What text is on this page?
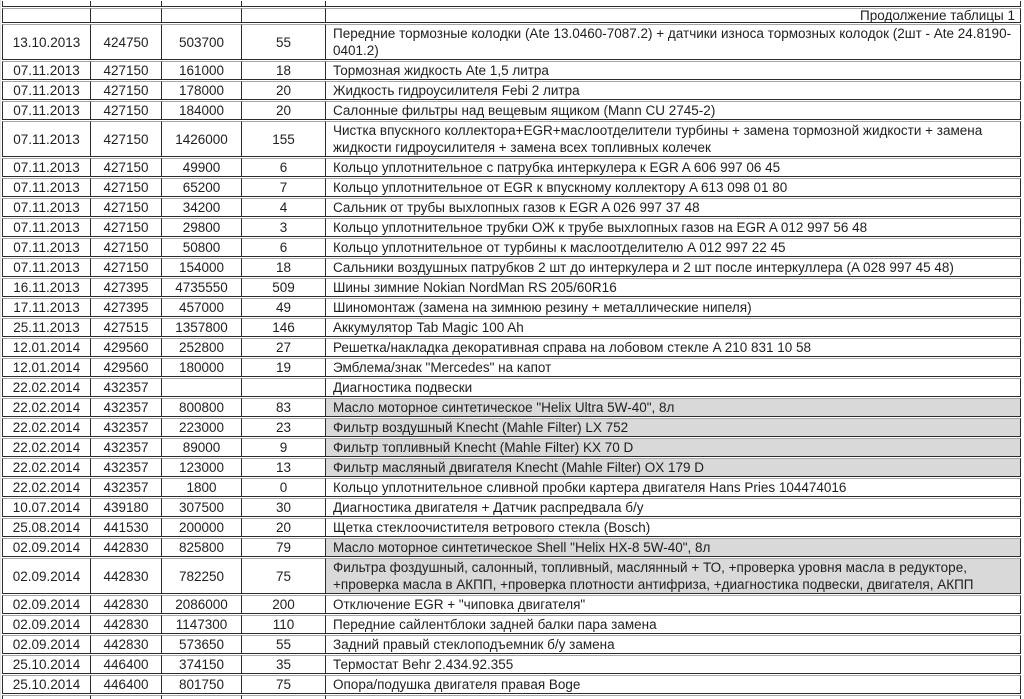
				Продолжение таблицы 1
13.10.2013	424750	503700	55	Передние тормозные колодки (Ate 13.0460-7087.2) + датчики износа тормозных колодок (2шт - Ate 24.8190-0401.2)
07.11.2013	427150	161000	18	Тормозная жидкость Ate 1,5 литра
07.11.2013	427150	178000	20	Жидкость гидроусилителя Febi 2 литра
07.11.2013	427150	184000	20	Салонные фильтры над вещевым ящиком (Mann CU 2745-2)
07.11.2013	427150	1426000	155	Чистка впускного коллектора+EGR+маслоотделители турбины + замена тормозной жидкости + замена жидкости гидроусилителя + замена всех топливных колечек
07.11.2013	427150	49900	6	Кольцо уплотнительное с патрубка интеркулера к EGR A 606 997 06 45
07.11.2013	427150	65200	7	Кольцо уплотнительное от EGR к впускному коллектору A 613 098 01 80
07.11.2013	427150	34200	4	Сальник от трубы выхлопных газов к EGR A 026 997 37 48
07.11.2013	427150	29800	3	Кольцо уплотнительное трубки ОЖ к трубе выхлопных газов на EGR A 012 997 56 48
07.11.2013	427150	50800	6	Кольцо уплотнительное от турбины к маслоотделителю A 012 997 22 45
07.11.2013	427150	154000	18	Сальники воздушных патрубков 2 шт до интеркулера и 2 шт после интеркуллера (A 028 997 45 48)
16.11.2013	427395	4735550	509	Шины зимние Nokian NordMan RS 205/60R16
17.11.2013	427395	457000	49	Шиномонтаж (замена на зимнюю резину + металлические нипеля)
25.11.2013	427515	1357800	146	Аккумулятор Tab Magic 100 Ah
12.01.2014	429560	252800	27	Решетка/накладка декоративная справа на лобовом стекле A 210 831 10 58
12.01.2014	429560	180000	19	Эмблема/знак "Mercedes" на капот
22.02.2014	432357			Диагностика подвески
22.02.2014	432357	800800	83	Масло моторное синтетическое "Helix Ultra 5W-40", 8л
22.02.2014	432357	223000	23	Фильтр воздушный Knecht (Mahle Filter) LX 752
22.02.2014	432357	89000	9	Фильтр топливный Knecht (Mahle Filter) KX 70 D
22.02.2014	432357	123000	13	Фильтр масляный двигателя Knecht (Mahle Filter) OX 179 D
22.02.2014	432357	1800	0	Кольцо уплотнительное сливной пробки картера двигателя Hans Pries 104474016
10.07.2014	439180	307500	30	Диагностика двигателя + Датчик распредвала б/у
25.08.2014	441530	200000	20	Щетка стеклоочистителя ветрового стекла (Bosch)
02.09.2014	442830	825800	79	Масло моторное синтетическое Shell "Helix HX-8 5W-40", 8л
02.09.2014	442830	782250	75	Фильтра фоздушный, салонный, топливный, маслянный + ТО, +проверка уровня масла в редукторе, +проверка масла в АКПП, +проверка плотности антифриза, +диагностика подвески, двигателя, АКПП
02.09.2014	442830	2086000	200	Отключение EGR + "чиповка двигателя"
02.09.2014	442830	1147300	110	Передние сайлентблоки задней балки пара замена
02.09.2014	442830	573650	55	Задний правый стеклоподъемник б/у замена
25.10.2014	446400	374150	35	Термостат Behr 2.434.92.355
25.10.2014	446400	801750	75	Опора/подушка двигателя правая Boge
